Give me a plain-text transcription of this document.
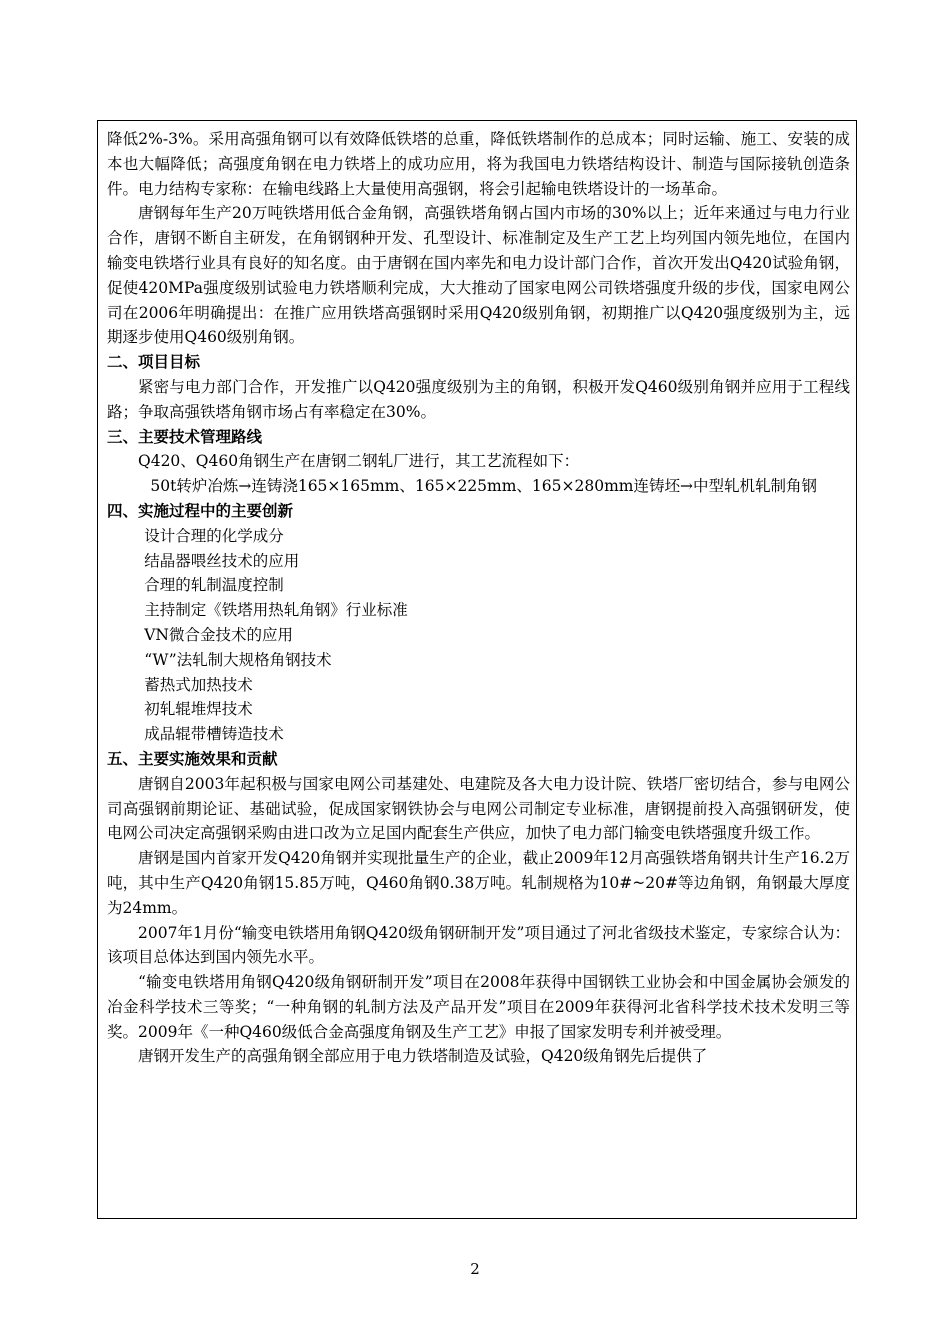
降低2%-3%。采用高强角钢可以有效降低铁塔的总重，降低铁塔制作的总成本；同时运输、施工、安装的成本也大幅降低；高强度角钢在电力铁塔上的成功应用，将为我国电力铁塔结构设计、制造与国际接轨创造条件。电力结构专家称：在输电线路上大量使用高强钢，将会引起输电铁塔设计的一场革命。

唐钢每年生产20万吨铁塔用低合金角钢，高强铁塔角钢占国内市场的30%以上；近年来通过与电力行业合作，唐钢不断自主研发，在角钢钢种开发、孔型设计、标准制定及生产工艺上均列国内领先地位，在国内输变电铁塔行业具有良好的知名度。由于唐钢在国内率先和电力设计部门合作，首次开发出Q420试验角钢，促使420MPa强度级别试验电力铁塔顺利完成，大大推动了国家电网公司铁塔强度升级的步伐，国家电网公司在2006年明确提出：在推广应用铁塔高强钢时采用Q420级别角钢，初期推广以Q420强度级别为主，远期逐步使用Q460级别角钢。

二、项目目标

紧密与电力部门合作，开发推广以Q420强度级别为主的角钢，积极开发Q460级别角钢并应用于工程线路；争取高强铁塔角钢市场占有率稳定在30%。

三、主要技术管理路线

Q420、Q460角钢生产在唐钢二钢轧厂进行，其工艺流程如下：

50t转炉冶炼→连铸浇165×165mm、165×225mm、165×280mm连铸坯→中型轧机轧制角钢

四、实施过程中的主要创新

设计合理的化学成分

结晶器喂丝技术的应用

合理的轧制温度控制

主持制定《铁塔用热轧角钢》行业标准

VN微合金技术的应用

“W”法轧制大规格角钢技术

蓄热式加热技术

初轧辊堆焊技术

成品辊带槽铸造技术

五、主要实施效果和贡献

唐钢自2003年起积极与国家电网公司基建处、电建院及各大电力设计院、铁塔厂密切结合，参与电网公司高强钢前期论证、基础试验，促成国家钢铁协会与电网公司制定专业标准，唐钢提前投入高强钢研发，使电网公司决定高强钢采购由进口改为立足国内配套生产供应，加快了电力部门输变电铁塔强度升级工作。

唐钢是国内首家开发Q420角钢并实现批量生产的企业，截止2009年12月高强铁塔角钢共计生产16.2万吨，其中生产Q420角钢15.85万吨，Q460角钢0.38万吨。轧制规格为10#~20#等边角钢，角钢最大厚度为24mm。

2007年1月份“输变电铁塔用角钢Q420级角钢研制开发”项目通过了河北省级技术鉴定，专家综合认为：该项目总体达到国内领先水平。

“输变电铁塔用角钢Q420级角钢研制开发”项目在2008年获得中国钢铁工业协会和中国金属协会颁发的冶金科学技术三等奖；“一种角钢的轧制方法及产品开发”项目在2009年获得河北省科学技术技术发明三等奖。2009年《一种Q460级低合金高强度角钢及生产工艺》申报了国家发明专利并被受理。

唐钢开发生产的高强角钢全部应用于电力铁塔制造及试验，Q420级角钢先后提供了

2
